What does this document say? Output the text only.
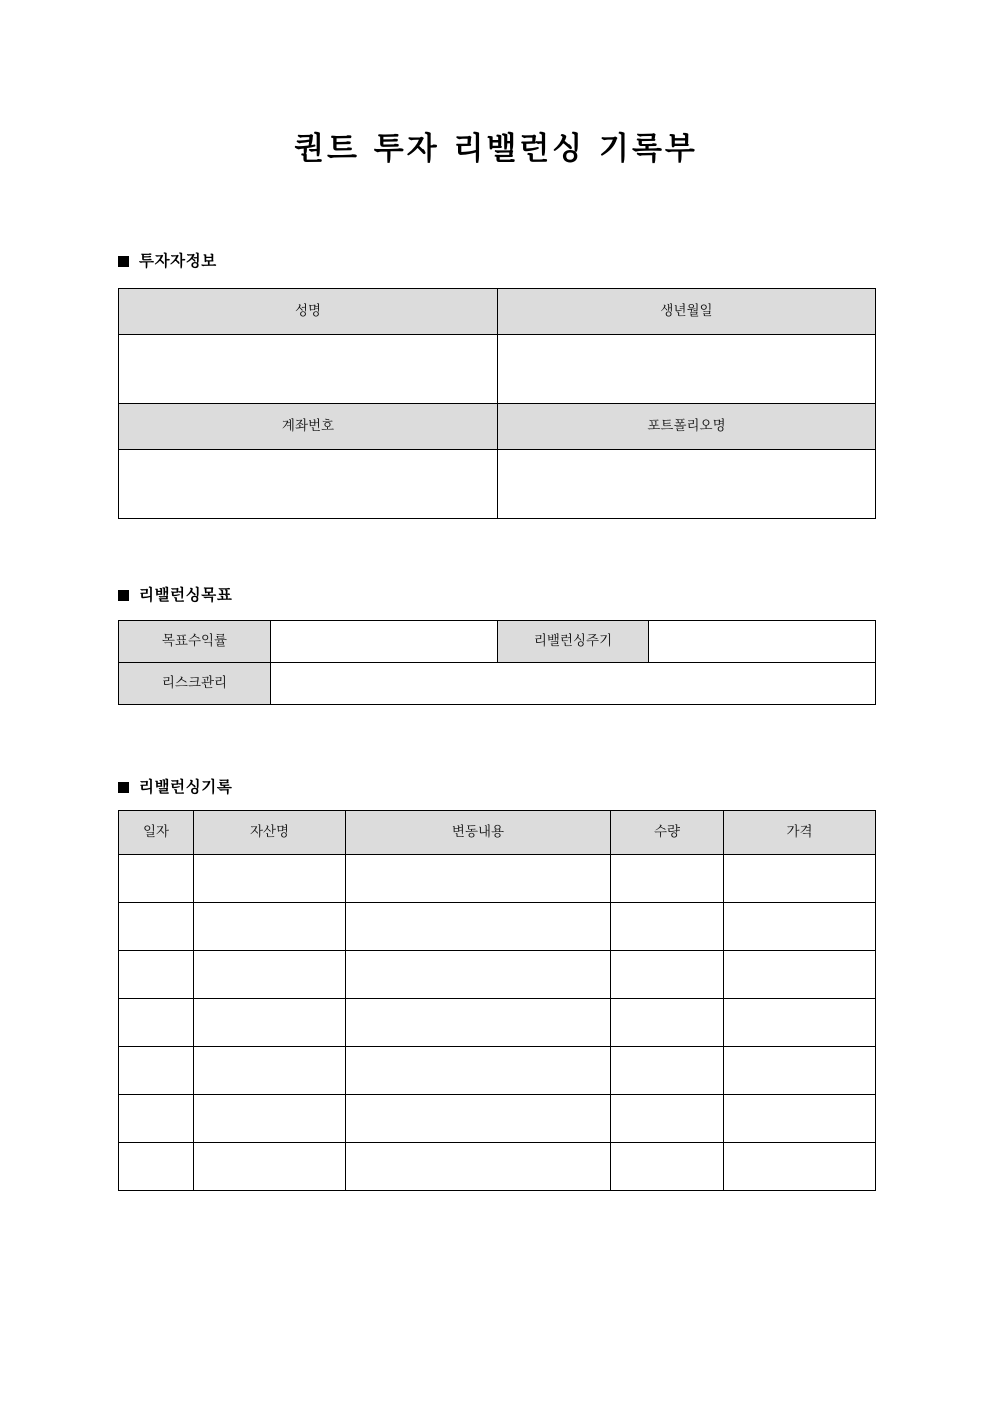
퀀트 투자 리밸런싱 기록부
투자자정보
성명	생년월일

계좌번호	포트폴리오명

리밸런싱목표
목표수익률		리밸런싱주기	
리스크관리			
리밸런싱기록
일자	자산명	변동내용	수량	가격
